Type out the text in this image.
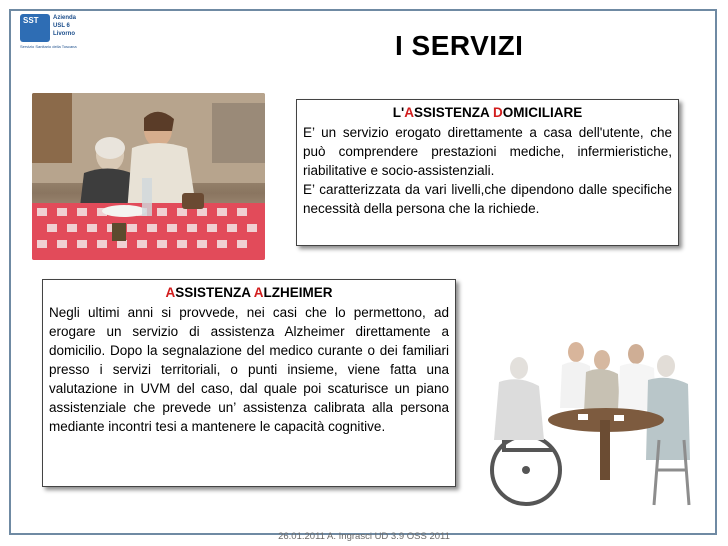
SST Azienda
USL 6
Livorno
Servizio Sanitario della Toscana	I SERVIZI
L'ASSISTENZA DOMICILIARE

E’ un servizio erogato direttamente a casa dell'utente, che può comprendere prestazioni mediche, infermieristiche, riabilitative e socio-assistenziali.

E’ caratterizzata da vari livelli,che dipendono dalle specifiche necessità della persona che la richiede.

ASSISTENZA ALZHEIMER

Negli ultimi anni si provvede, nei casi che lo permettono, ad erogare un servizio di assistenza Alzheimer direttamente a domicilio. Dopo la segnalazione del medico curante o dei familiari presso i servizi territoriali, o punti insieme, viene fatta una valutazione in UVM del caso, dal quale poi scaturisce un piano assistenziale che prevede un’ assistenza calibrata alla persona mediante incontri tesi a mantenere le capacità cognitive.

26.01.2011 A. Ingrasci UD 3.9 OSS 2011
